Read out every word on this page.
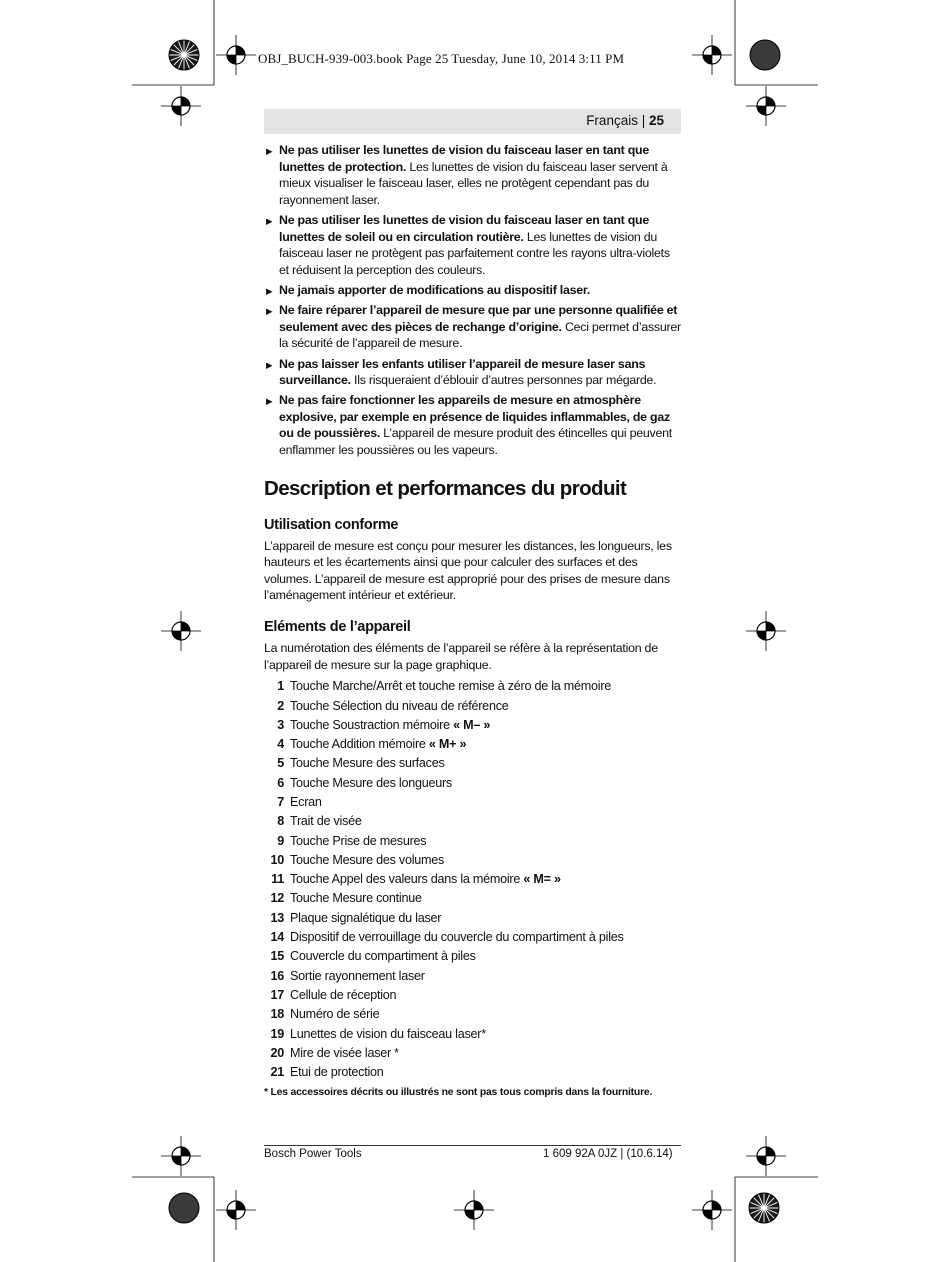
OBJ_BUCH-939-003.book Page 25 Tuesday, June 10, 2014 3:11 PM
Français | 25
▶ Ne pas utiliser les lunettes de vision du faisceau laser en tant que lunettes de protection. Les lunettes de vision du faisceau laser servent à mieux visualiser le faisceau laser, elles ne protègent cependant pas du rayonnement laser.
▶ Ne pas utiliser les lunettes de vision du faisceau laser en tant que lunettes de soleil ou en circulation routière. Les lunettes de vision du faisceau laser ne protègent pas parfaitement contre les rayons ultra-violets et réduisent la perception des couleurs.
▶ Ne jamais apporter de modifications au dispositif laser.
▶ Ne faire réparer l’appareil de mesure que par une personne qualifiée et seulement avec des pièces de rechange d’origine. Ceci permet d’assurer la sécurité de l’appareil de mesure.
▶ Ne pas laisser les enfants utiliser l’appareil de mesure laser sans surveillance. Ils risqueraient d’éblouir d’autres personnes par mégarde.
▶ Ne pas faire fonctionner les appareils de mesure en atmosphère explosive, par exemple en présence de liquides inflammables, de gaz ou de poussières. L’appareil de mesure produit des étincelles qui peuvent enflammer les poussières ou les vapeurs.
Description et performances du produit
Utilisation conforme

L’appareil de mesure est conçu pour mesurer les distances, les longueurs, les hauteurs et les écartements ainsi que pour calculer des surfaces et des volumes. L’appareil de mesure est approprié pour des prises de mesure dans l’aménagement intérieur et extérieur.

Eléments de l’appareil

La numérotation des éléments de l’appareil se réfère à la représentation de l’appareil de mesure sur la page graphique.

1 Touche Marche/Arrêt et touche remise à zéro de la mémoire
2 Touche Sélection du niveau de référence
3 Touche Soustraction mémoire « M– »
4 Touche Addition mémoire « M+ »
5 Touche Mesure des surfaces
6 Touche Mesure des longueurs
7 Ecran
8 Trait de visée
9 Touche Prise de mesures
10 Touche Mesure des volumes
11 Touche Appel des valeurs dans la mémoire « M= »
12 Touche Mesure continue
13 Plaque signalétique du laser
14 Dispositif de verrouillage du couvercle du compartiment à piles
15 Couvercle du compartiment à piles
16 Sortie rayonnement laser
17 Cellule de réception
18 Numéro de série
19 Lunettes de vision du faisceau laser*
20 Mire de visée laser *
21 Etui de protection
* Les accessoires décrits ou illustrés ne sont pas tous compris dans la fourniture.
Bosch Power Tools	1 609 92A 0JZ | (10.6.14)
